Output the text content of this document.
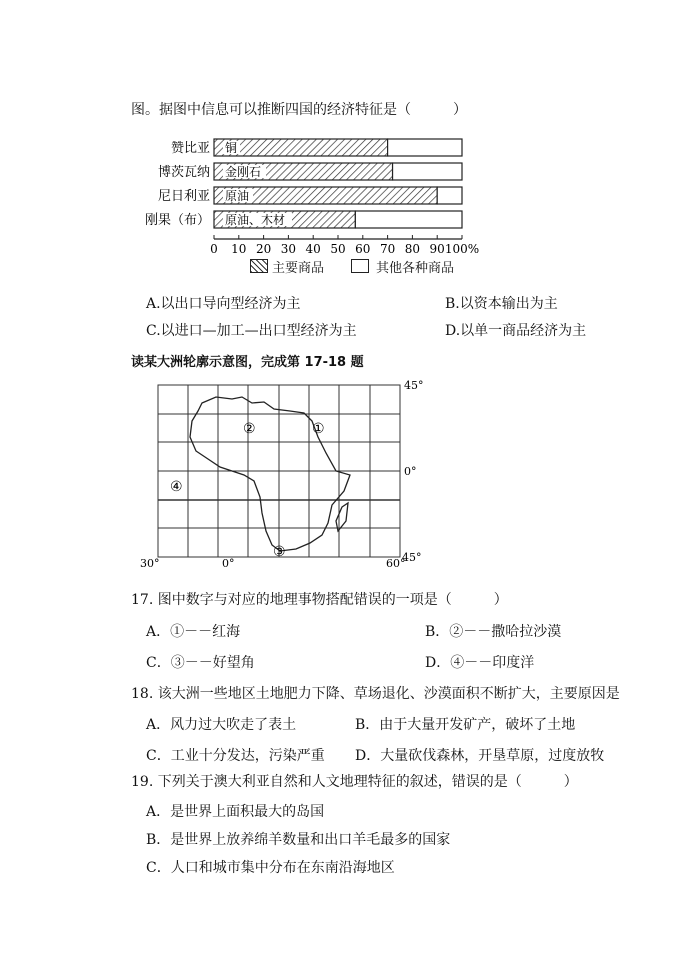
图。据图中信息可以推断四国的经济特征是（　　　）
赞比亚 铜
博茨瓦纳 金刚石
尼日利亚 原油
刚果（布） 原油、木材
0 10 20 30 40 50 60 70 80 90 100%
主要商品	其他各种商品
A.以出口导向型经济为主	B.以资本输出为主
C.以进口—加工—出口型经济为主	D.以单一商品经济为主
读某大洲轮廓示意图，完成第 17-18 题
45°
0°
45°
30°	0°	60°
①
②
③
④
17. 图中数字与对应的地理事物搭配错误的一项是（　　　）
A．①－－红海	B．②－－撒哈拉沙漠
C．③－－好望角	D．④－－印度洋
18. 该大洲一些地区土地肥力下降、草场退化、沙漠面积不断扩大，主要原因是
A．风力过大吹走了表土	B．由于大量开发矿产，破坏了土地
C．工业十分发达，污染严重 D．大量砍伐森林，开垦草原，过度放牧
19. 下列关于澳大利亚自然和人文地理特征的叙述，错误的是（　　　）
A．是世界上面积最大的岛国
B．是世界上放养绵羊数量和出口羊毛最多的国家
C．人口和城市集中分布在东南沿海地区
